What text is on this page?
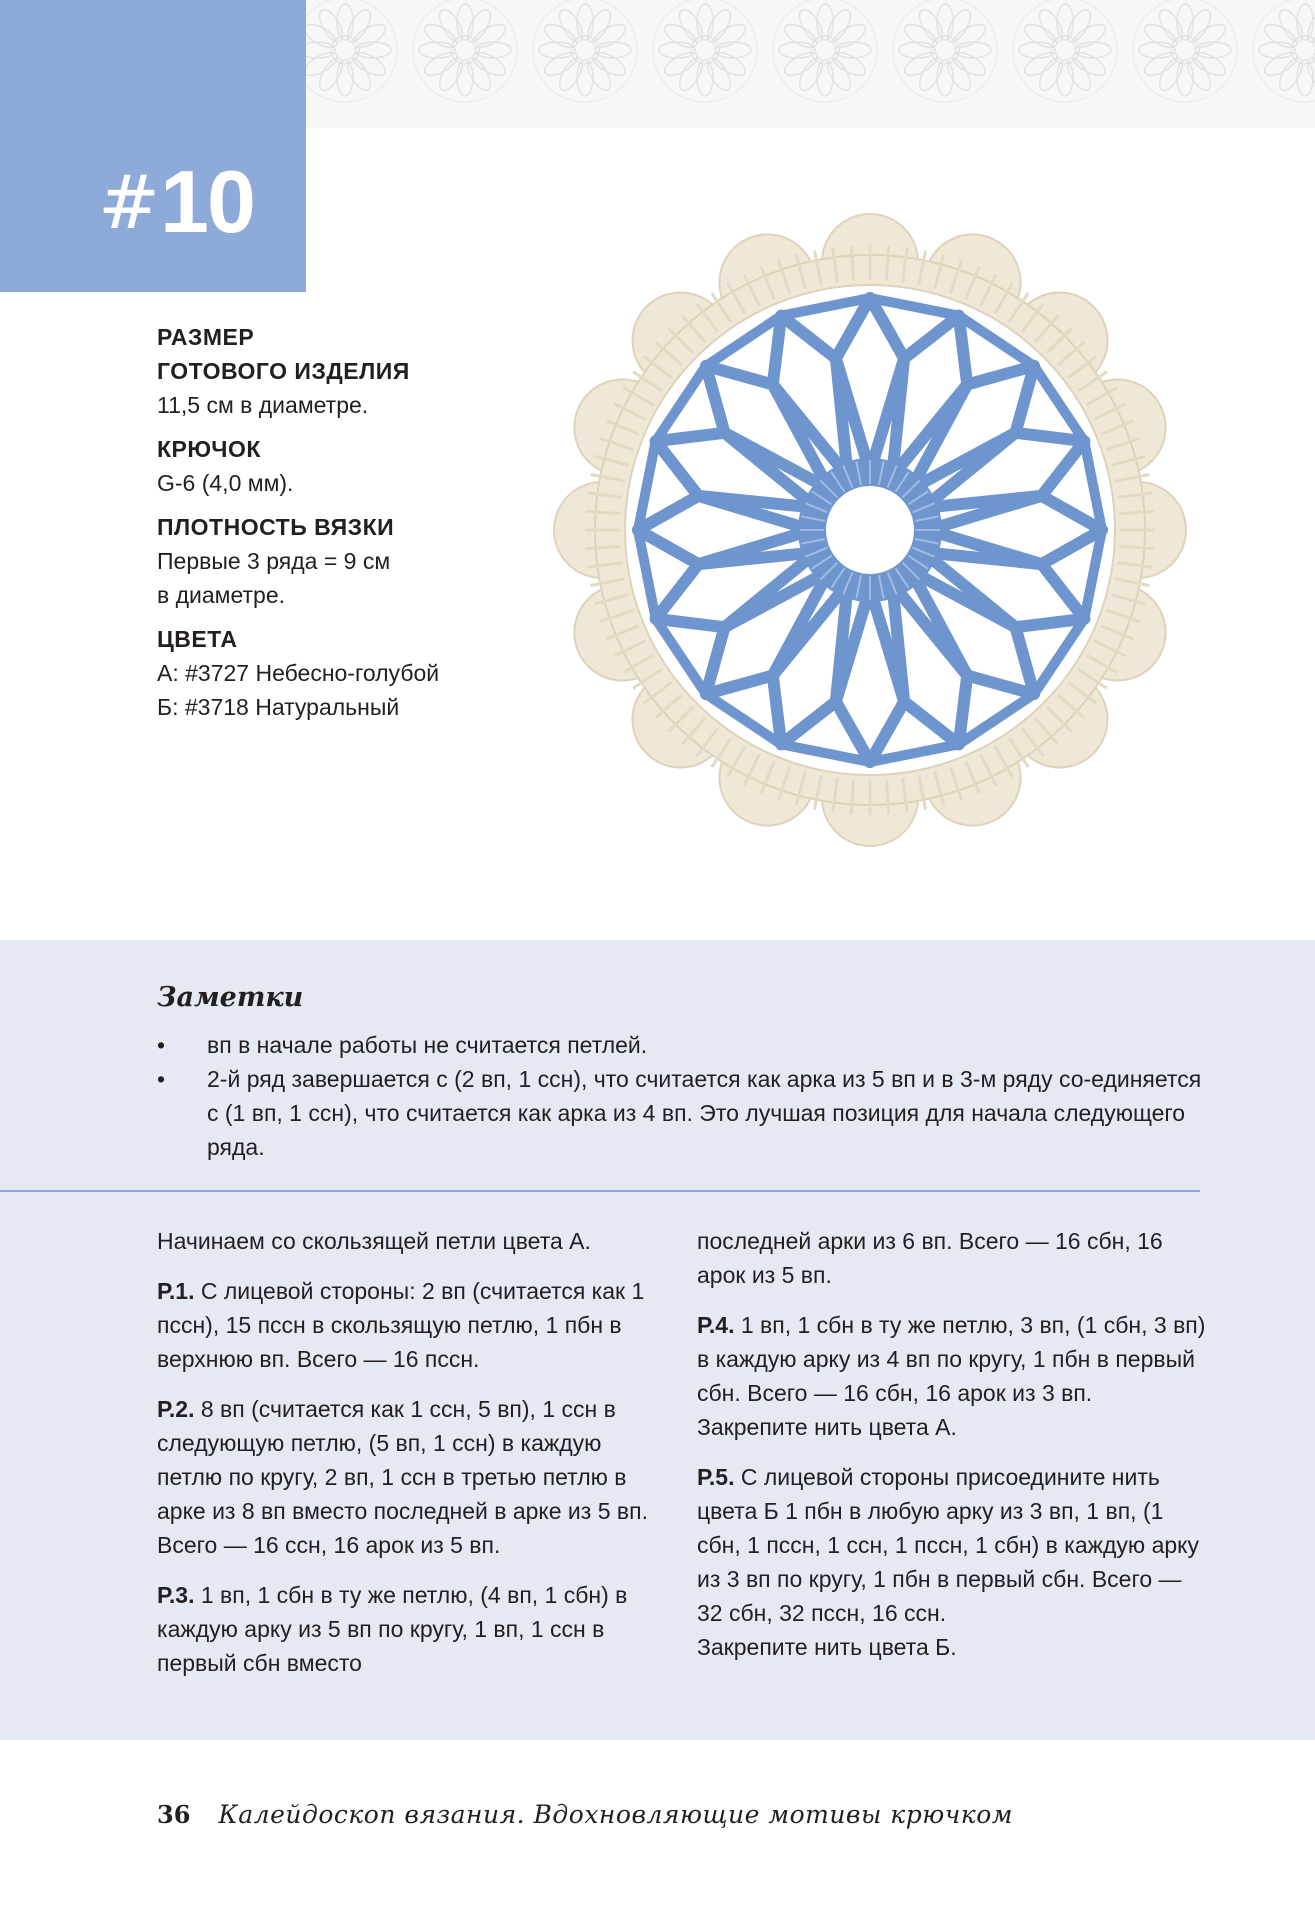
#10
РАЗМЕР
ГОТОВОГО ИЗДЕЛИЯ
11,5 см в диаметре.
КРЮЧОК
G-6 (4,0 мм).
ПЛОТНОСТЬ ВЯЗКИ
Первые 3 ряда = 9 см
в диаметре.
ЦВЕТА
А: #3727 Небесно-голубой
Б: #3718 Натуральный
Заметки
• вп в начале работы не считается петлей.
• 2-й ряд завершается с (2 вп, 1 ссн), что считается как арка из 5 вп и в 3-м ряду со-единяется с (1 вп, 1 ссн), что считается как арка из 4 вп. Это лучшая позиция для начала следующего ряда.

Начинаем со скользящей петли цвета А.

Р.1. С лицевой стороны: 2 вп (считается как 1 пссн), 15 пссн в скользящую петлю, 1 пбн в верхнюю вп. Всего — 16 пссн.

Р.2. 8 вп (считается как 1 ссн, 5 вп), 1 ссн в следующую петлю, (5 вп, 1 ссн) в каждую петлю по кругу, 2 вп, 1 ссн в третью петлю в арке из 8 вп вместо последней в арке из 5 вп. Всего — 16 ссн, 16 арок из 5 вп.

Р.3. 1 вп, 1 сбн в ту же петлю, (4 вп, 1 сбн) в каждую арку из 5 вп по кругу, 1 вп, 1 ссн в первый сбн вместо

последней арки из 6 вп. Всего — 16 сбн, 16 арок из 5 вп.

Р.4. 1 вп, 1 сбн в ту же петлю, 3 вп, (1 сбн, 3 вп) в каждую арку из 4 вп по кругу, 1 пбн в первый сбн. Всего — 16 сбн, 16 арок из 3 вп. Закрепите нить цвета А.

Р.5. С лицевой стороны присоедините нить цвета Б 1 пбн в любую арку из 3 вп, 1 вп, (1 сбн, 1 пссн, 1 ссн, 1 пссн, 1 сбн) в каждую арку из 3 вп по кругу, 1 пбн в первый сбн. Всего — 32 сбн, 32 пссн, 16 ссн.

Закрепите нить цвета Б.

36 Калейдоскоп вязания. Вдохновляющие мотивы крючком
